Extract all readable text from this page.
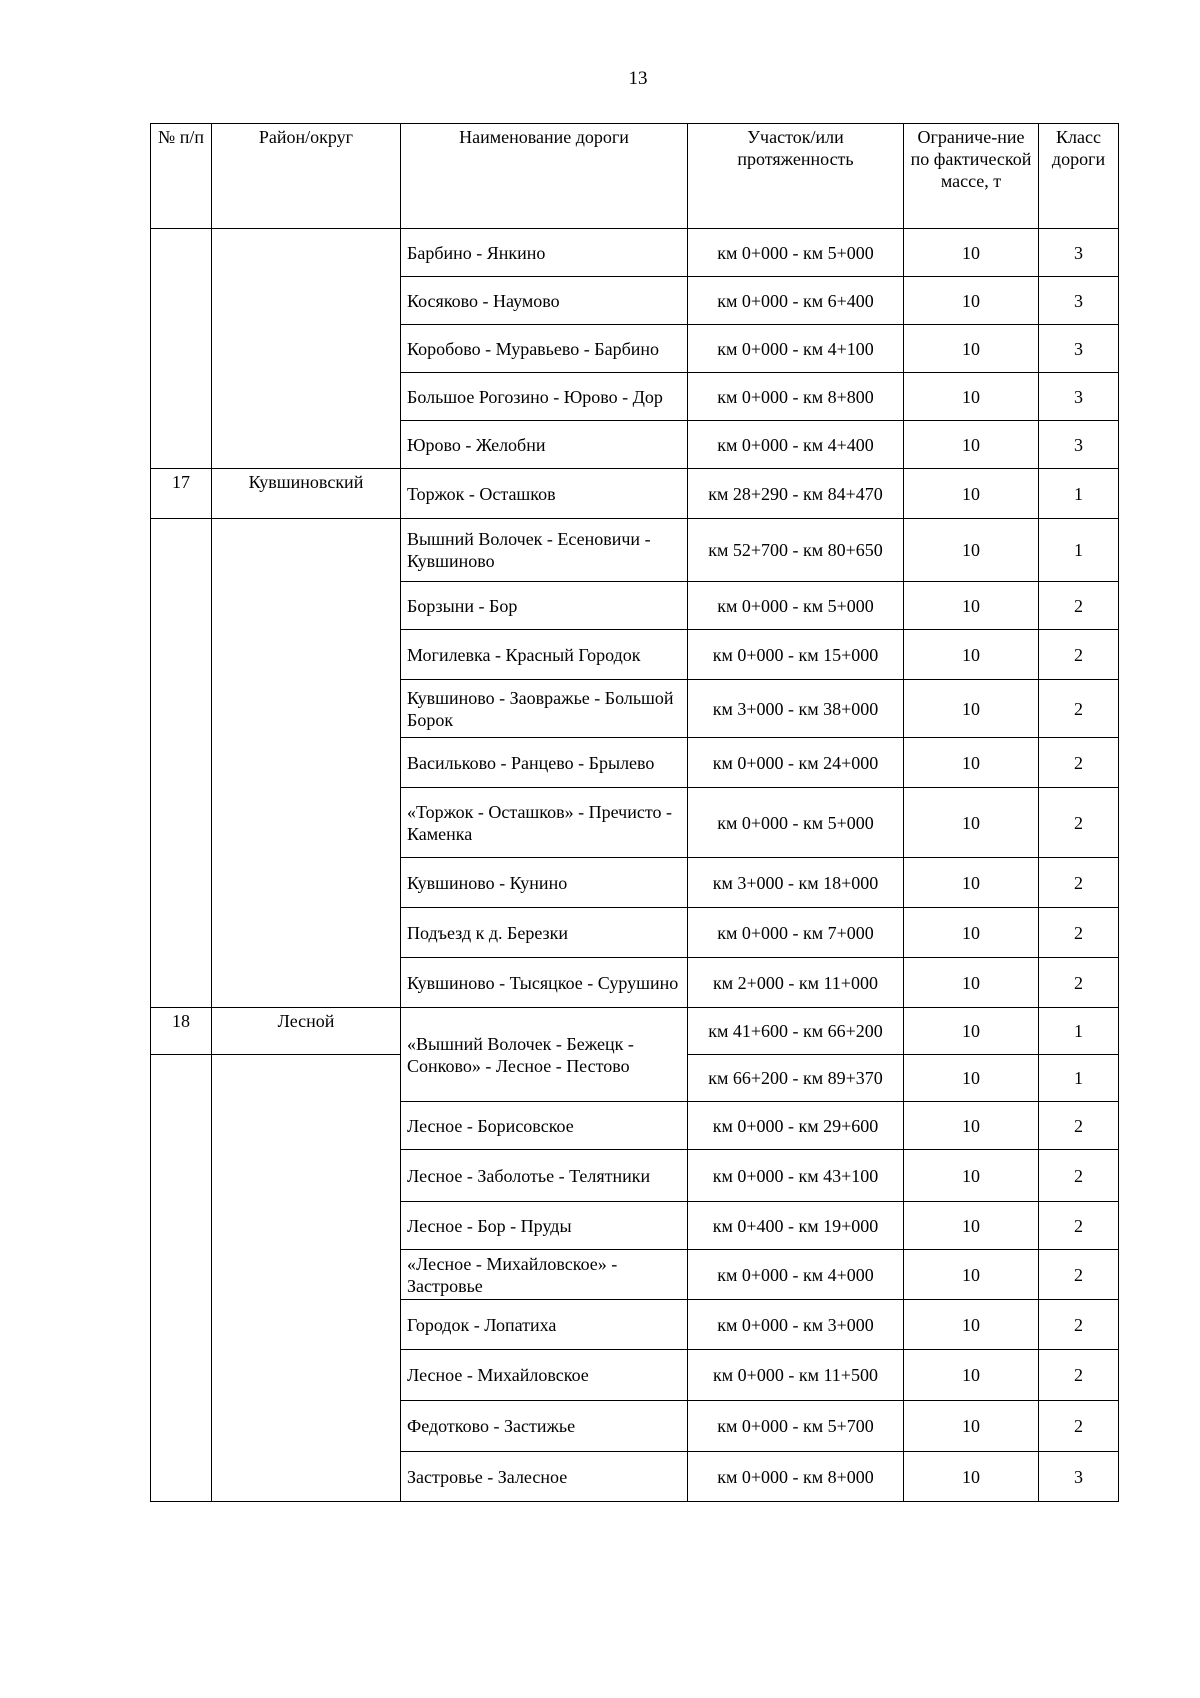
13
№ п/п	Район/округ	Наименование дороги	Участок/или протяженность	Ограниче-ние по фактической массе, т	Класс дороги
		Барбино - Янкино	км 0+000 - км 5+000	10	3
		Косяково - Наумово	км 0+000 - км 6+400	10	3
		Коробово - Муравьево - Барбино	км 0+000 - км 4+100	10	3
		Большое Рогозино - Юрово - Дор	км 0+000 - км 8+800	10	3
		Юрово - Желобни	км 0+000 - км 4+400	10	3
17	Кувшиновский	Торжок - Осташков	км 28+290 - км 84+470	10	1
		Вышний Волочек - Есеновичи - Кувшиново	км 52+700 - км 80+650	10	1
		Борзыни - Бор	км 0+000 - км 5+000	10	2
		Могилевка - Красный Городок	км 0+000 - км 15+000	10	2
		Кувшиново - Заовражье - Большой Борок	км 3+000 - км 38+000	10	2
		Васильково - Ранцево - Брылево	км 0+000 - км 24+000	10	2
		«Торжок - Осташков» - Пречисто - Каменка	км 0+000 - км 5+000	10	2
		Кувшиново - Кунино	км 3+000 - км 18+000	10	2
		Подъезд к д. Березки	км 0+000 - км 7+000	10	2
		Кувшиново - Тысяцкое - Сурушино	км 2+000 - км 11+000	10	2
18	Лесной	«Вышний Волочек - Бежецк - Сонково» - Лесное - Пестово	км 41+600 - км 66+200	10	1
			км 66+200 - км 89+370	10	1
		Лесное - Борисовское	км 0+000 - км 29+600	10	2
		Лесное - Заболотье - Телятники	км 0+000 - км 43+100	10	2
		Лесное - Бор - Пруды	км 0+400 - км 19+000	10	2
		«Лесное - Михайловское» - Застровье	км 0+000 - км 4+000	10	2
		Городок - Лопатиха	км 0+000 - км 3+000	10	2
		Лесное - Михайловское	км 0+000 - км 11+500	10	2
		Федотково - Застижье	км 0+000 - км 5+700	10	2
		Застровье - Залесное	км 0+000 - км 8+000	10	3
